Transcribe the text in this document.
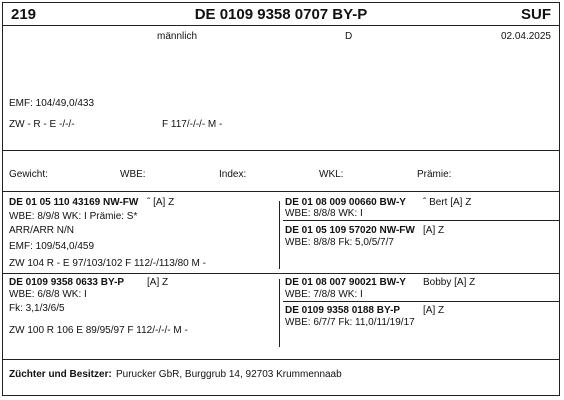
219	DE 0109 9358 0707 BY-P	SUF
männlich	D	02.04.2025
EMF: 104/49,0/433
ZW - R - E -/-/-	F 117/-/-/- M -
Gewicht:	WBE:	Index:	WKL:	Prämie:
DE 01 05 110 43169 NW-FW ˆ [A] Z
WBE: 8/9/8 WK: I Prämie: S*
ARR/ARR N/N
EMF: 109/54,0/459
ZW 104 R - E 97/103/102 F 112/-/113/80 M -
DE 01 08 009 00660 BW-Y ˆ Bert [A] Z
WBE: 8/8/8 WK: I
DE 01 05 109 57020 NW-FW [A] Z
WBE: 8/8/8 Fk: 5,0/5/7/7
DE 0109 9358 0633 BY-P [A] Z
WBE: 6/8/8 WK: I
Fk: 3,1/3/6/5
ZW 100 R 106 E 89/95/97 F 112/-/-/- M -
DE 01 08 007 90021 BW-Y Bobby [A] Z
WBE: 7/8/8 WK: I
DE 0109 9358 0188 BY-P [A] Z
WBE: 6/7/7 Fk: 11,0/11/19/17
Züchter und Besitzer: Purucker GbR, Burggrub 14, 92703 Krummennaab
